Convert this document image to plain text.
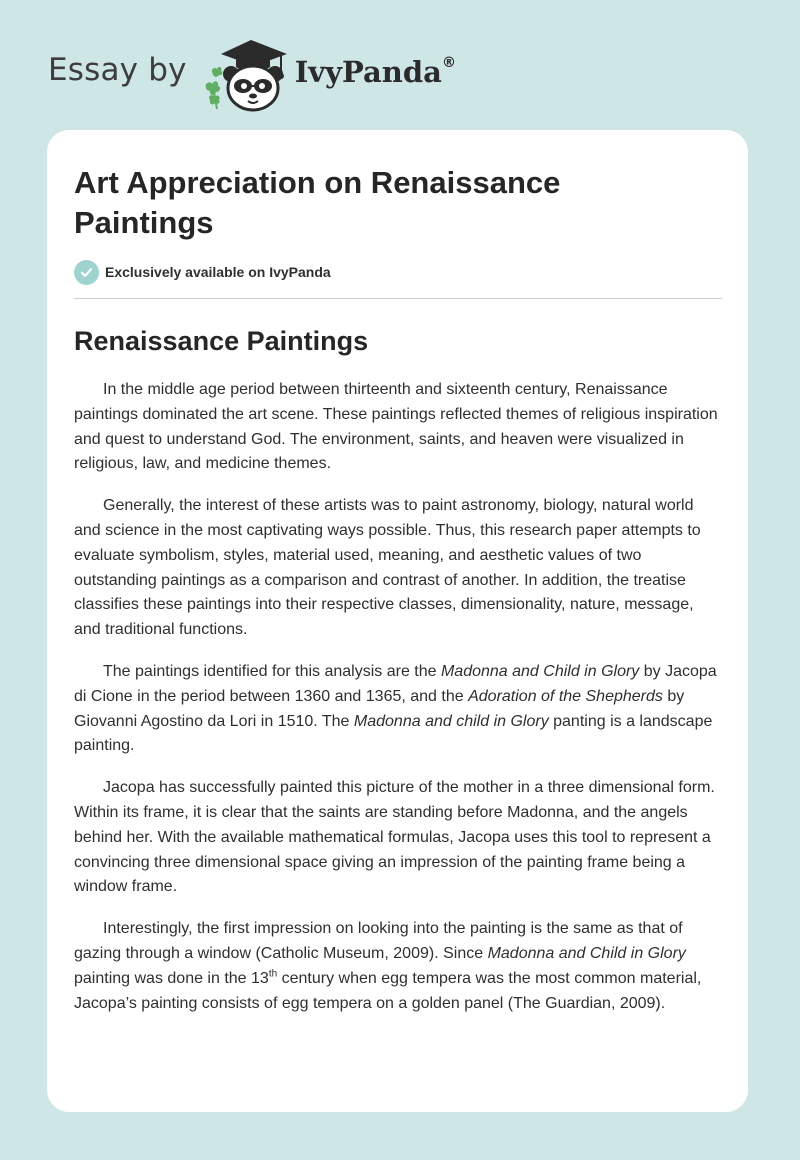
Essay by	IvyPanda®
Art Appreciation on Renaissance Paintings
Exclusively available on IvyPanda
Renaissance Paintings

In the middle age period between thirteenth and sixteenth century, Renaissance paintings dominated the art scene. These paintings reflected themes of religious inspiration and quest to understand God. The environment, saints, and heaven were visualized in religious, law, and medicine themes.

Generally, the interest of these artists was to paint astronomy, biology, natural world and science in the most captivating ways possible. Thus, this research paper attempts to evaluate symbolism, styles, material used, meaning, and aesthetic values of two outstanding paintings as a comparison and contrast of another. In addition, the treatise classifies these paintings into their respective classes, dimensionality, nature, message, and traditional functions.

The paintings identified for this analysis are the Madonna and Child in Glory by Jacopa di Cione in the period between 1360 and 1365, and the Adoration of the Shepherds by Giovanni Agostino da Lori in 1510. The Madonna and child in Glory panting is a landscape painting.

Jacopa has successfully painted this picture of the mother in a three dimensional form. Within its frame, it is clear that the saints are standing before Madonna, and the angels behind her. With the available mathematical formulas, Jacopa uses this tool to represent a convincing three dimensional space giving an impression of the painting frame being a window frame.

Interestingly, the first impression on looking into the painting is the same as that of gazing through a window (Catholic Museum, 2009). Since Madonna and Child in Glory painting was done in the 13th century when egg tempera was the most common material, Jacopa’s painting consists of egg tempera on a golden panel (The Guardian, 2009).
